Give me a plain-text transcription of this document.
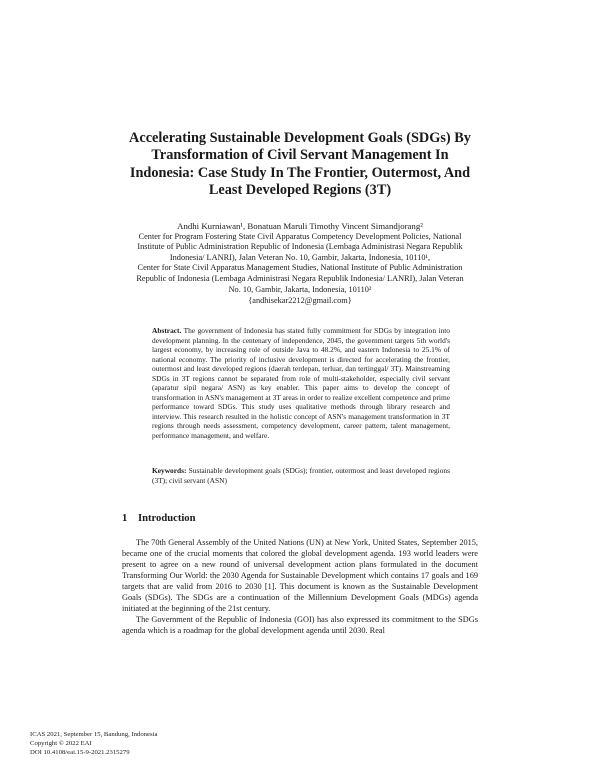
Accelerating Sustainable Development Goals (SDGs) By Transformation of Civil Servant Management In Indonesia: Case Study In The Frontier, Outermost, And Least Developed Regions (3T)
Andhi Kurniawan¹, Bonatuan Maruli Timothy Vincent Simandjorang²
Center for Program Fostering State Civil Apparatus Competency Development Policies, National Institute of Public Administration Republic of Indonesia (Lembaga Administrasi Negara Republik Indonesia/ LANRI), Jalan Veteran No. 10, Gambir, Jakarta, Indonesia, 10110¹,
Center for State Civil Apparatus Management Studies, National Institute of Public Administration Republic of Indonesia (Lembaga Administrasi Negara Republik Indonesia/ LANRI), Jalan Veteran No. 10, Gambir, Jakarta, Indonesia, 10110²
{andhisekar2212@gmail.com}

Abstract. The government of Indonesia has stated fully commitment for SDGs by integration into development planning. In the centenary of independence, 2045, the government targets 5th world's largest economy, by increasing role of outside Java to 48.2%, and eastern Indonesia to 25.1% of national economy. The priority of inclusive development is directed for accelerating the frontier, outermost and least developed regions (daerah terdepan, terluar, dan tertinggal/ 3T). Mainstreaming SDGs in 3T regions cannot be separated from role of multi-stakeholder, especially civil servant (aparatur sipil negara/ ASN) as key enabler. This paper aims to develop the concept of transformation in ASN's management at 3T areas in order to realize excellent competence and prime performance toward SDGs. This study uses qualitative methods through library research and interview. This research resulted in the holistic concept of ASN's management transformation in 3T regions through needs assessment, competency development, career pattern, talent management, performance management, and welfare.

Keywords: Sustainable development goals (SDGs); frontier, outermost and least developed regions (3T); civil servant (ASN)

1 Introduction

The 70th General Assembly of the United Nations (UN) at New York, United States, September 2015, became one of the crucial moments that colored the global development agenda. 193 world leaders were present to agree on a new round of universal development action plans formulated in the document Transforming Our World: the 2030 Agenda for Sustainable Development which contains 17 goals and 169 targets that are valid from 2016 to 2030 [1]. This document is known as the Sustainable Development Goals (SDGs). The SDGs are a continuation of the Millennium Development Goals (MDGs) agenda initiated at the beginning of the 21st century.

The Government of the Republic of Indonesia (GOI) has also expressed its commitment to the SDGs agenda which is a roadmap for the global development agenda until 2030. Real

ICAS 2021, September 15, Bandung, Indonesia
Copyright © 2022 EAI
DOI 10.4108/eai.15-9-2021.2315279
